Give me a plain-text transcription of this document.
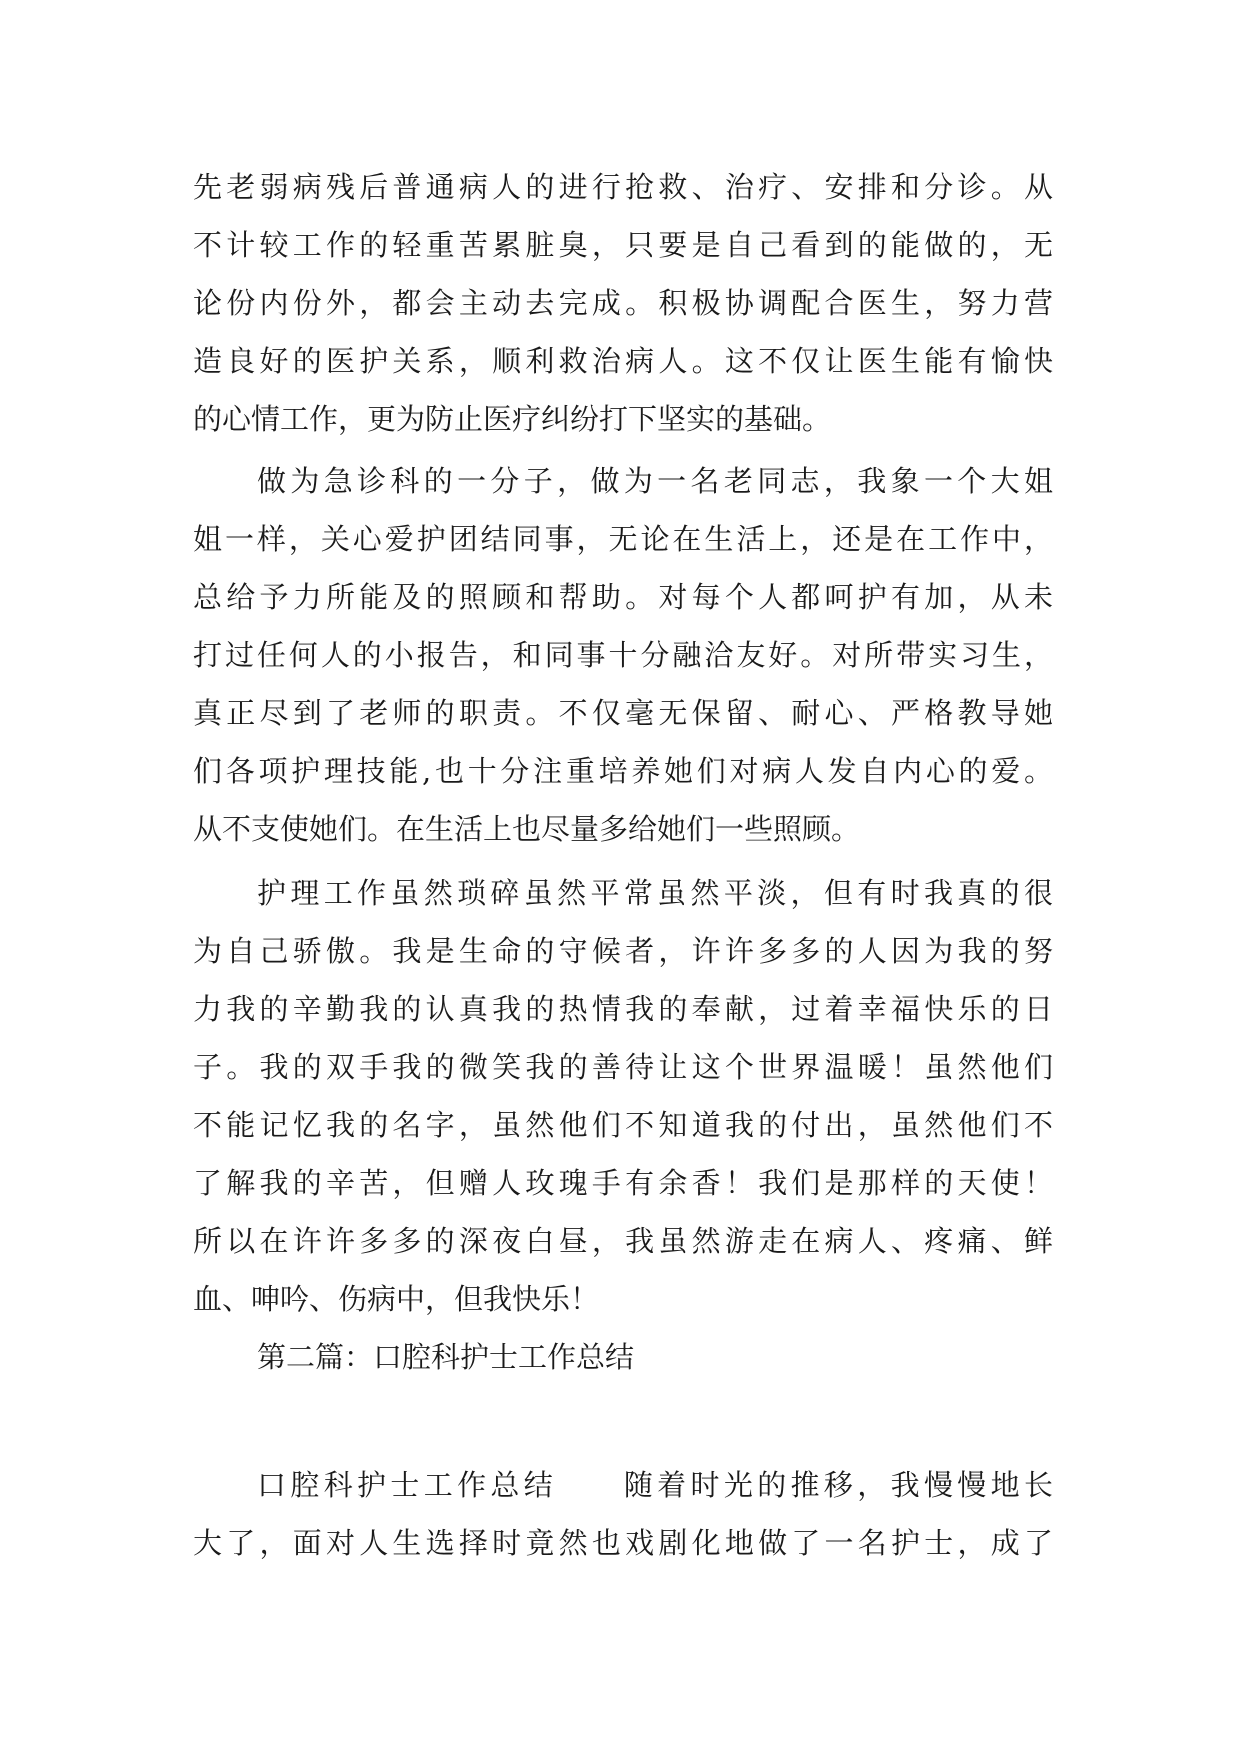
先老弱病残后普通病人的进行抢救、治疗、安排和分诊。从
不计较工作的轻重苦累脏臭，只要是自己看到的能做的，无
论份内份外，都会主动去完成。积极协调配合医生，努力营
造良好的医护关系，顺利救治病人。这不仅让医生能有愉快
的心情工作，更为防止医疗纠纷打下坚实的基础。
做为急诊科的一分子，做为一名老同志，我象一个大姐
姐一样，关心爱护团结同事，无论在生活上，还是在工作中，
总给予力所能及的照顾和帮助。对每个人都呵护有加，从未
打过任何人的小报告，和同事十分融洽友好。对所带实习生，
真正尽到了老师的职责。不仅毫无保留、耐心、严格教导她
们各项护理技能,也十分注重培养她们对病人发自内心的爱。
从不支使她们。在生活上也尽量多给她们一些照顾。
护理工作虽然琐碎虽然平常虽然平淡，但有时我真的很
为自己骄傲。我是生命的守候者，许许多多的人因为我的努
力我的辛勤我的认真我的热情我的奉献，过着幸福快乐的日
子。我的双手我的微笑我的善待让这个世界温暖！虽然他们
不能记忆我的名字，虽然他们不知道我的付出，虽然他们不
了解我的辛苦，但赠人玫瑰手有余香！我们是那样的天使！
所以在许许多多的深夜白昼，我虽然游走在病人、疼痛、鲜
血、呻吟、伤病中，但我快乐！
第二篇：口腔科护士工作总结
口腔科护士工作总结　　随着时光的推移，我慢慢地长
大了，面对人生选择时竟然也戏剧化地做了一名护士，成了
